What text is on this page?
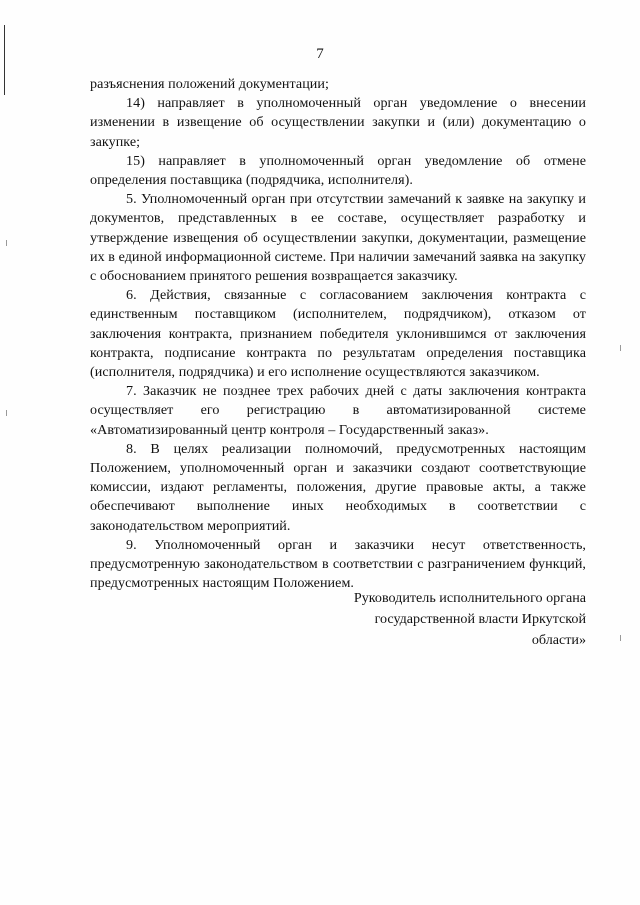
7

разъяснения положений документации;

14) направляет в уполномоченный орган уведомление о внесении изменении в извещение об осуществлении закупки и (или) документацию о закупке;

15) направляет в уполномоченный орган уведомление об отмене определения поставщика (подрядчика, исполнителя).

5. Уполномоченный орган при отсутствии замечаний к заявке на закупку и документов, представленных в ее составе, осуществляет разработку и утверждение извещения об осуществлении закупки, документации, размещение их в единой информационной системе. При наличии замечаний заявка на закупку с обоснованием принятого решения возвращается заказчику.

6. Действия, связанные с согласованием заключения контракта с единственным поставщиком (исполнителем, подрядчиком), отказом от заключения контракта, признанием победителя уклонившимся от заключения контракта, подписание контракта по результатам определения поставщика (исполнителя, подрядчика) и его исполнение осуществляются заказчиком.

7. Заказчик не позднее трех рабочих дней с даты заключения контракта осуществляет его регистрацию в автоматизированной системе «Автоматизированный центр контроля – Государственный заказ».

8. В целях реализации полномочий, предусмотренных настоящим Положением, уполномоченный орган и заказчики создают соответствующие комиссии, издают регламенты, положения, другие правовые акты, а также обеспечивают выполнение иных необходимых в соответствии с законодательством мероприятий.

9. Уполномоченный орган и заказчики несут ответственность, предусмотренную законодательством в соответствии с разграничением функций, предусмотренных настоящим Положением.

Руководитель исполнительного органа
государственной власти Иркутской области»
